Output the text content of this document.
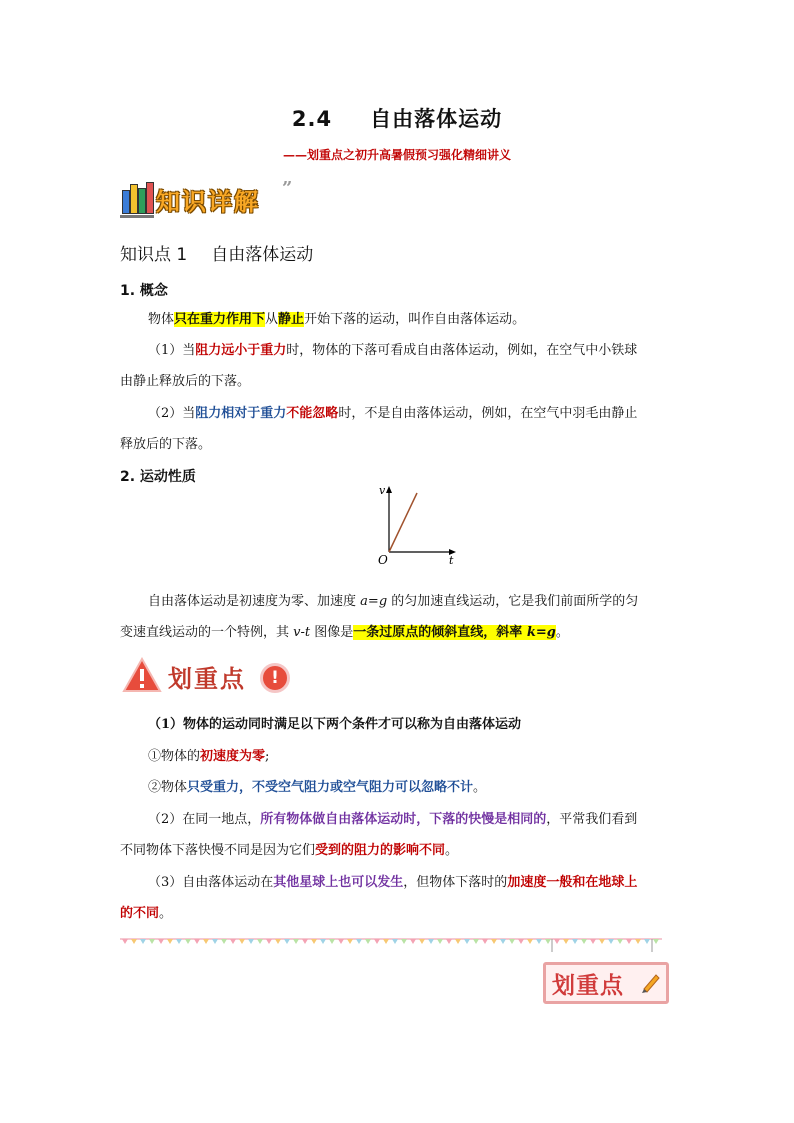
2.4 自由落体运动
——划重点之初升高暑假预习强化精细讲义
知识详解 ”
知识点 1 自由落体运动
1. 概念
物体只在重力作用下从静止开始下落的运动，叫作自由落体运动。
（1）当阻力远小于重力时，物体的下落可看成自由落体运动，例如，在空气中小铁球
由静止释放后的下落。
（2）当阻力相对于重力不能忽略时，不是自由落体运动，例如，在空气中羽毛由静止
释放后的下落。
2. 运动性质
v
t
O
自由落体运动是初速度为零、加速度 a=g 的匀加速直线运动，它是我们前面所学的匀
变速直线运动的一个特例，其 v-t 图像是一条过原点的倾斜直线，斜率 k=g。
划重点	!
（1）物体的运动同时满足以下两个条件才可以称为自由落体运动
①物体的初速度为零;
②物体只受重力，不受空气阻力或空气阻力可以忽略不计。
（2）在同一地点，所有物体做自由落体运动时，下落的快慢是相同的，平常我们看到
不同物体下落快慢不同是因为它们受到的阻力的影响不同。
（3）自由落体运动在其他星球上也可以发生，但物体下落时的加速度一般和在地球上
的不同。
划重点
